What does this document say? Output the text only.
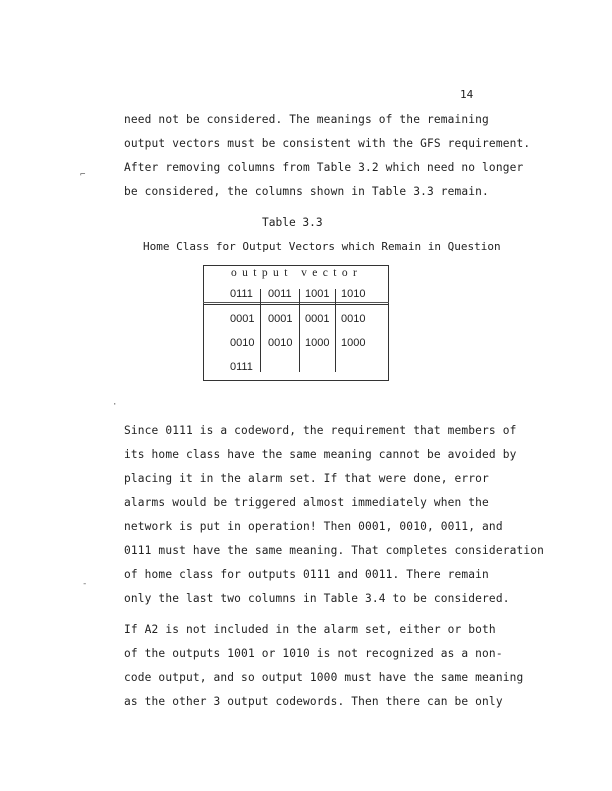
14
need not be considered. The meanings of the remaining
output vectors must be consistent with the GFS requirement.
After removing columns from Table 3.2 which need no longer
be considered, the columns shown in Table 3.3 remain.
Table 3.3
Home Class for Output Vectors which Remain in Question
output vector
0111 0011 1001 1010
0001 0001 0001 0010
0010 0010 1000 1000
0111
Since 0111 is a codeword, the requirement that members of
its home class have the same meaning cannot be avoided by
placing it in the alarm set. If that were done, error
alarms would be triggered almost immediately when the
network is put in operation! Then 0001, 0010, 0011, and
0111 must have the same meaning. That completes consideration
of home class for outputs 0111 and 0011. There remain
only the last two columns in Table 3.4 to be considered.
If A2 is not included in the alarm set, either or both
of the outputs 1001 or 1010 is not recognized as a non-
code output, and so output 1000 must have the same meaning
as the other 3 output codewords. Then there can be only
⌐
·
-
